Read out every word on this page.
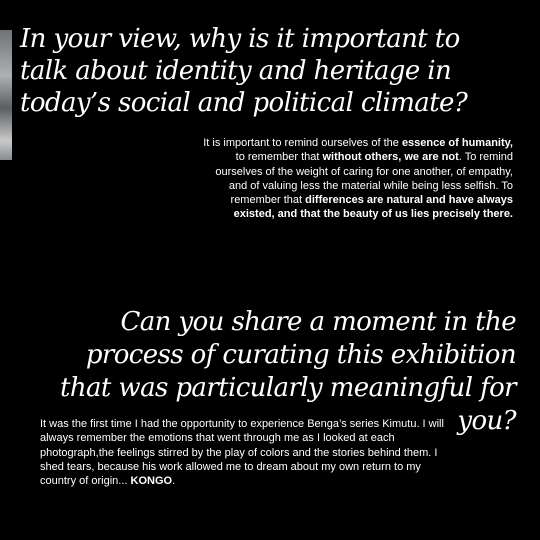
In your view, why is it important to talk about identity and heritage in today’s social and political climate?

It is important to remind ourselves of the essence of humanity, to remember that without others, we are not. To remind ourselves of the weight of caring for one another, of empathy, and of valuing less the material while being less selfish. To remember that differences are natural and have always existed, and that the beauty of us lies precisely there.

Can you share a moment in the process of curating this exhibition that was particularly meaningful for you?

It was the first time I had the opportunity to experience Benga’s series Kimutu. I will always remember the emotions that went through me as I looked at each photograph,the feelings stirred by the play of colors and the stories behind them. I shed tears, because his work allowed me to dream about my own return to my country of origin... KONGO.
